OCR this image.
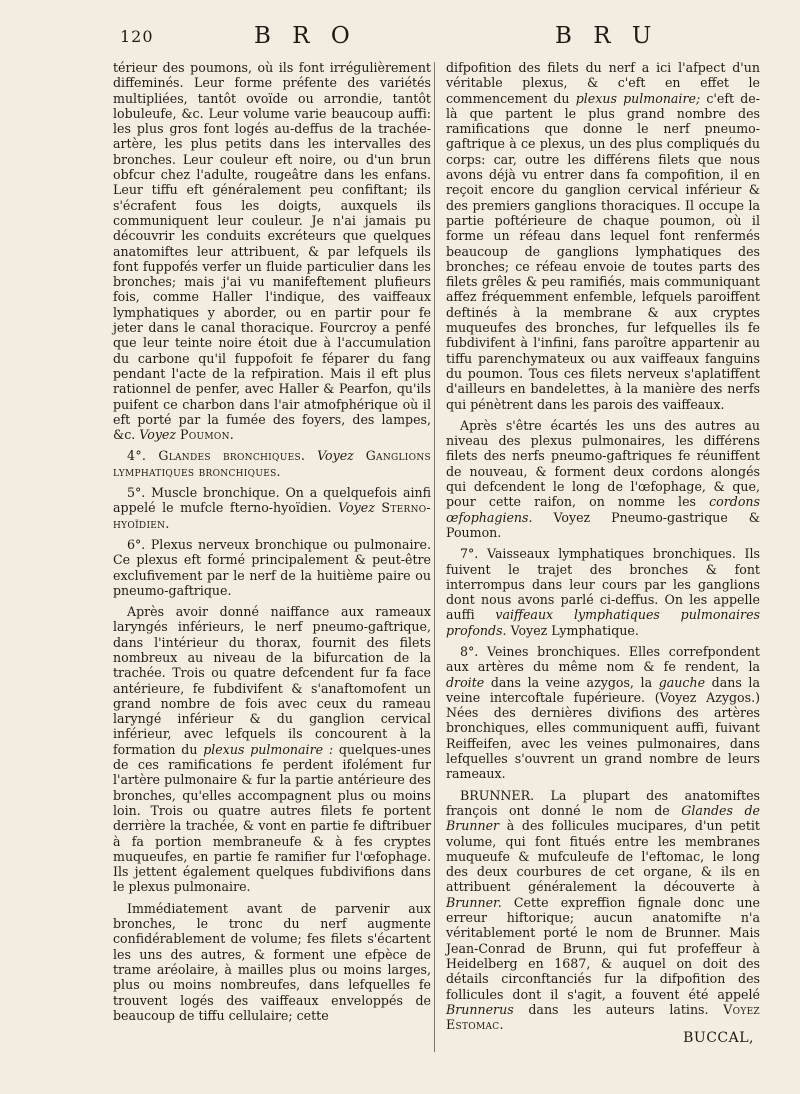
120	B R O	B R U

térieur des poumons, où ils font irrégulièrement diffeminés. Leur forme préfente des variétés multipliées, tantôt ovoïde ou arrondie, tantôt lobuleufe, &c. Leur volume varie beaucoup auffi: les plus gros font logés au-deffus de la trachée-artère, les plus petits dans les intervalles des bronches. Leur couleur eft noire, ou d'un brun obfcur chez l'adulte, rougeâtre dans les enfans. Leur tiffu eft généralement peu confiftant; ils s'écrafent fous les doigts, auxquels ils communiquent leur couleur. Je n'ai jamais pu découvrir les conduits excréteurs que quelques anatomiftes leur attribuent, & par lefquels ils font fuppofés verfer un fluide particulier dans les bronches; mais j'ai vu manifeftement plufieurs fois, comme Haller l'indique, des vaiffeaux lymphatiques y aborder, ou en partir pour fe jeter dans le canal thoracique. Fourcroy a penfé que leur teinte noire étoit due à l'accumulation du carbone qu'il fuppofoit fe féparer du fang pendant l'acte de la refpiration. Mais il eft plus rationnel de penfer, avec Haller & Pearfon, qu'ils puifent ce charbon dans l'air atmofphérique où il eft porté par la fumée des foyers, des lampes, &c. Voyez Poumon.

4°. Glandes bronchiques. Voyez Ganglions lymphatiques bronchiques.

5°. Muscle bronchique. On a quelquefois ainfi appelé le mufcle fterno-hyoïdien. Voyez Sterno-hyoïdien.

6°. Plexus nerveux bronchique ou pulmonaire. Ce plexus eft formé principalement & peut-être exclufivement par le nerf de la huitième paire ou pneumo-gaftrique.

Après avoir donné naiffance aux rameaux laryngés inférieurs, le nerf pneumo-gaftrique, dans l'intérieur du thorax, fournit des filets nombreux au niveau de la bifurcation de la trachée. Trois ou quatre defcendent fur fa face antérieure, fe fubdivifent & s'anaftomofent un grand nombre de fois avec ceux du rameau laryngé inférieur & du ganglion cervical inférieur, avec lefquels ils concourent à la formation du plexus pulmonaire : quelques-unes de ces ramifications fe perdent ifolément fur l'artère pulmonaire & fur la partie antérieure des bronches, qu'elles accompagnent plus ou moins loin. Trois ou quatre autres filets fe portent derrière la trachée, & vont en partie fe diftribuer à fa portion membraneufe & à fes cryptes muqueufes, en partie fe ramifier fur l'œfophage. Ils jettent également quelques fubdivifions dans le plexus pulmonaire.

Immédiatement avant de parvenir aux bronches, le tronc du nerf augmente confidérablement de volume; fes filets s'écartent les uns des autres, & forment une efpèce de trame aréolaire, à mailles plus ou moins larges, plus ou moins nombreufes, dans lefquelles fe trouvent logés des vaiffeaux enveloppés de beaucoup de tiffu cellulaire; cette

difpofition des filets du nerf a ici l'afpect d'un véritable plexus, & c'eft en effet le commencement du plexus pulmonaire; c'eft de-là que partent le plus grand nombre des ramifications que donne le nerf pneumo-gaftrique à ce plexus, un des plus compliqués du corps: car, outre les différens filets que nous avons déjà vu entrer dans fa compofition, il en reçoit encore du ganglion cervical inférieur & des premiers ganglions thoraciques. Il occupe la partie poftérieure de chaque poumon, où il forme un réfeau dans lequel font renfermés beaucoup de ganglions lymphatiques des bronches; ce réfeau envoie de toutes parts des filets grêles & peu ramifiés, mais communiquant affez fréquemment enfemble, lefquels paroiffent deftinés à la membrane & aux cryptes muqueufes des bronches, fur lefquelles ils fe fubdivifent à l'infini, fans paroître appartenir au tiffu parenchymateux ou aux vaiffeaux fanguins du poumon. Tous ces filets nerveux s'aplatiffent d'ailleurs en bandelettes, à la manière des nerfs qui pénètrent dans les parois des vaiffeaux.

Après s'être écartés les uns des autres au niveau des plexus pulmonaires, les différens filets des nerfs pneumo-gaftriques fe réuniffent de nouveau, & forment deux cordons alongés qui defcendent le long de l'œfophage, & que, pour cette raifon, on nomme les cordons œfophagiens. Voyez Pneumo-gastrique & Poumon.

7°. Vaisseaux lymphatiques bronchiques. Ils fuivent le trajet des bronches & font interrompus dans leur cours par les ganglions dont nous avons parlé ci-deffus. On les appelle auffi vaiffeaux lymphatiques pulmonaires profonds. Voyez Lymphatique.

8°. Veines bronchiques. Elles correfpondent aux artères du même nom & fe rendent, la droite dans la veine azygos, la gauche dans la veine intercoftale fupérieure. (Voyez Azygos.) Nées des dernières divifions des artères bronchiques, elles communiquent auffi, fuivant Reiffeifen, avec les veines pulmonaires, dans lefquelles s'ouvrent un grand nombre de leurs rameaux.

BRUNNER. La plupart des anatomiftes françois ont donné le nom de Glandes de Brunner à des follicules mucipares, d'un petit volume, qui font fitués entre les membranes muqueufe & mufculeufe de l'eftomac, le long des deux courbures de cet organe, & ils en attribuent généralement la découverte à Brunner. Cette expreffion fignale donc une erreur hiftorique; aucun anatomifte n'a véritablement porté le nom de Brunner. Mais Jean-Conrad de Brunn, qui fut profeffeur à Heidelberg en 1687, & auquel on doit des détails circonftanciés fur la difpofition des follicules dont il s'agit, a fouvent été appelé Brunnerus dans les auteurs latins. Voyez Estomac.

BUCCAL,
